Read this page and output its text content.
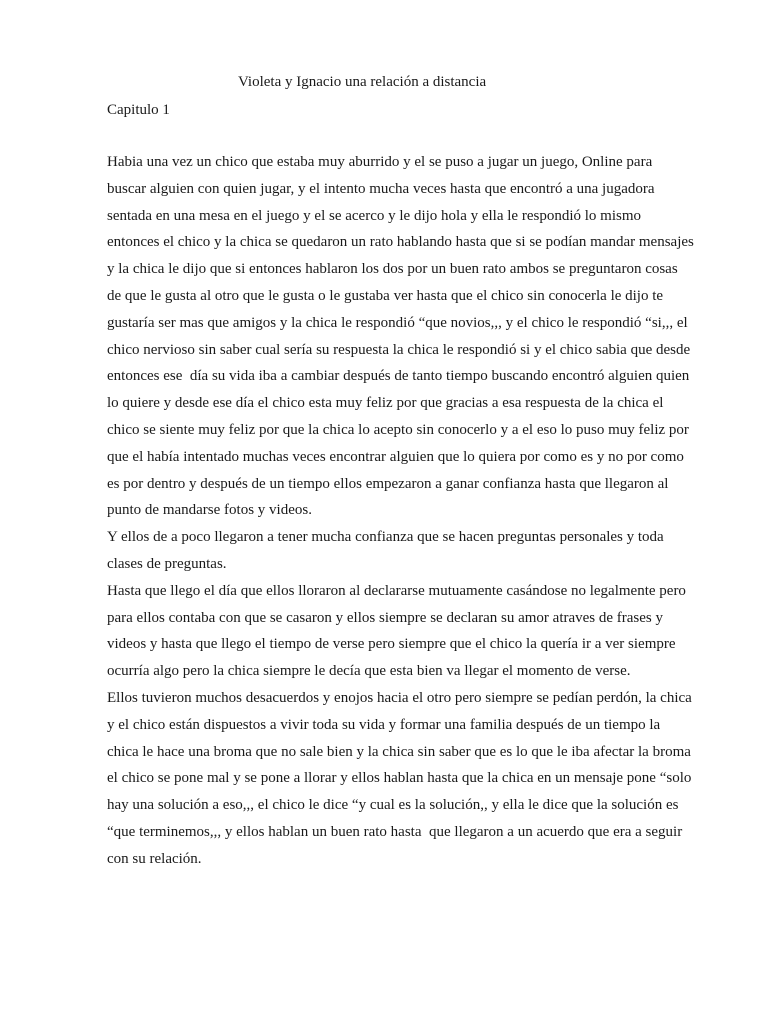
Violeta y Ignacio una relación a distancia
Capitulo 1
Habia una vez un chico que estaba muy aburrido y el se puso a jugar un juego, Online para
buscar alguien con quien jugar, y el intento mucha veces hasta que encontró a una jugadora
sentada en una mesa en el juego y el se acerco y le dijo hola y ella le respondió lo mismo
entonces el chico y la chica se quedaron un rato hablando hasta que si se podían mandar mensajes
y la chica le dijo que si entonces hablaron los dos por un buen rato ambos se preguntaron cosas
de que le gusta al otro que le gusta o le gustaba ver hasta que el chico sin conocerla le dijo te
gustaría ser mas que amigos y la chica le respondió “que novios,,, y el chico le respondió “si,,, el
chico nervioso sin saber cual sería su respuesta la chica le respondió si y el chico sabia que desde
entonces ese  día su vida iba a cambiar después de tanto tiempo buscando encontró alguien quien
lo quiere y desde ese día el chico esta muy feliz por que gracias a esa respuesta de la chica el
chico se siente muy feliz por que la chica lo acepto sin conocerlo y a el eso lo puso muy feliz por
que el había intentado muchas veces encontrar alguien que lo quiera por como es y no por como
es por dentro y después de un tiempo ellos empezaron a ganar confianza hasta que llegaron al
punto de mandarse fotos y videos.
Y ellos de a poco llegaron a tener mucha confianza que se hacen preguntas personales y toda
clases de preguntas.
Hasta que llego el día que ellos lloraron al declararse mutuamente casándose no legalmente pero
para ellos contaba con que se casaron y ellos siempre se declaran su amor atraves de frases y
videos y hasta que llego el tiempo de verse pero siempre que el chico la quería ir a ver siempre
ocurría algo pero la chica siempre le decía que esta bien va llegar el momento de verse.
Ellos tuvieron muchos desacuerdos y enojos hacia el otro pero siempre se pedían perdón, la chica
y el chico están dispuestos a vivir toda su vida y formar una familia después de un tiempo la
chica le hace una broma que no sale bien y la chica sin saber que es lo que le iba afectar la broma
el chico se pone mal y se pone a llorar y ellos hablan hasta que la chica en un mensaje pone “solo
hay una solución a eso,,, el chico le dice “y cual es la solución,, y ella le dice que la solución es
“que terminemos,,, y ellos hablan un buen rato hasta  que llegaron a un acuerdo que era a seguir
con su relación.
